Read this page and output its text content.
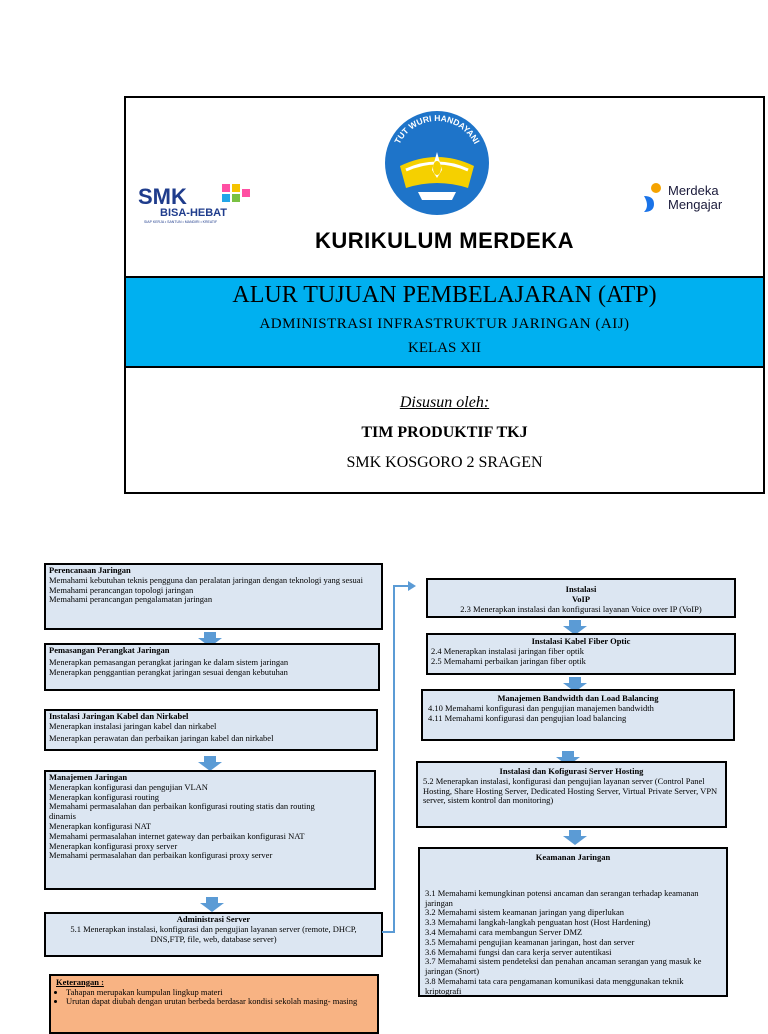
SMK
BISA-HEBAT
SIAP KERJA • SANTUN • MANDIRI • KREATIF
TUT WURI HANDAYANI
Merdeka
Mengajar
KURIKULUM MERDEKA
ALUR TUJUAN PEMBELAJARAN (ATP)
ADMINISTRASI INFRASTRUKTUR JARINGAN (AIJ)
KELAS XII
Disusun oleh:
TIM PRODUKTIF TKJ
SMK KOSGORO 2 SRAGEN
Perencanaan Jaringan
Memahami kebutuhan teknis pengguna dan peralatan jaringan dengan teknologi yang sesuai
Memahami perancangan topologi jaringan
Memahami perancangan pengalamatan jaringan
Pemasangan Perangkat Jaringan
Menerapkan pemasangan perangkat jaringan ke dalam sistem jaringan
Menerapkan penggantian perangkat jaringan sesuai dengan kebutuhan
Instalasi Jaringan Kabel dan Nirkabel
Menerapkan instalasi jaringan kabel dan nirkabel
Menerapkan perawatan dan perbaikan jaringan kabel dan nirkabel
Manajemen Jaringan
Menerapkan konfigurasi dan pengujian VLAN
Menerapkan konfigurasi routing
Memahami permasalahan dan perbaikan konfigurasi routing statis dan routing dinamis
Menerapkan konfigurasi NAT
Memahami permasalahan internet gateway dan perbaikan konfigurasi NAT
Menerapkan konfigurasi proxy server
Memahami permasalahan dan perbaikan konfigurasi proxy server
Administrasi Server
5.1 Menerapkan instalasi, konfigurasi dan pengujian layanan server (remote, DHCP, DNS,FTP, file, web, database server)
Instalasi VoIP
2.3 Menerapkan instalasi dan konfigurasi layanan Voice over IP (VoIP)
Instalasi Kabel Fiber Optic
2.4 Menerapkan instalasi jaringan fiber optik
2.5 Memahami perbaikan jaringan fiber optik
Manajemen Bandwidth dan Load Balancing
4.10 Memahami konfigurasi dan pengujian manajemen bandwidth
4.11 Memahami konfigurasi dan pengujian load balancing
Instalasi dan Kofigurasi Server Hosting
5.2 Menerapkan instalasi, konfigurasi dan pengujian layanan server (Control Panel Hosting, Share Hosting Server, Dedicated Hosting Server, Virtual Private Server, VPN server, sistem kontrol dan monitoring)
Keamanan Jaringan
3.1 Memahami kemungkinan potensi ancaman dan serangan terhadap keamanan jaringan
3.2 Memahami sistem keamanan jaringan yang diperlukan
3.3 Memahami langkah-langkah penguatan host (Host Hardening)
3.4 Memahami cara membangun Server DMZ
3.5 Memahami pengujian keamanan jaringan, host dan server
3.6 Memahami fungsi dan cara kerja server autentikasi
3.7 Memahami sistem pendeteksi dan penahan ancaman serangan yang masuk ke jaringan (Snort)
3.8 Memahami tata cara pengamanan komunikasi data menggunakan teknik kriptografi
Keterangan :
• Tahapan merupakan kumpulan lingkup materi
• Urutan dapat diubah dengan urutan berbeda berdasar kondisi sekolah masing- masing
